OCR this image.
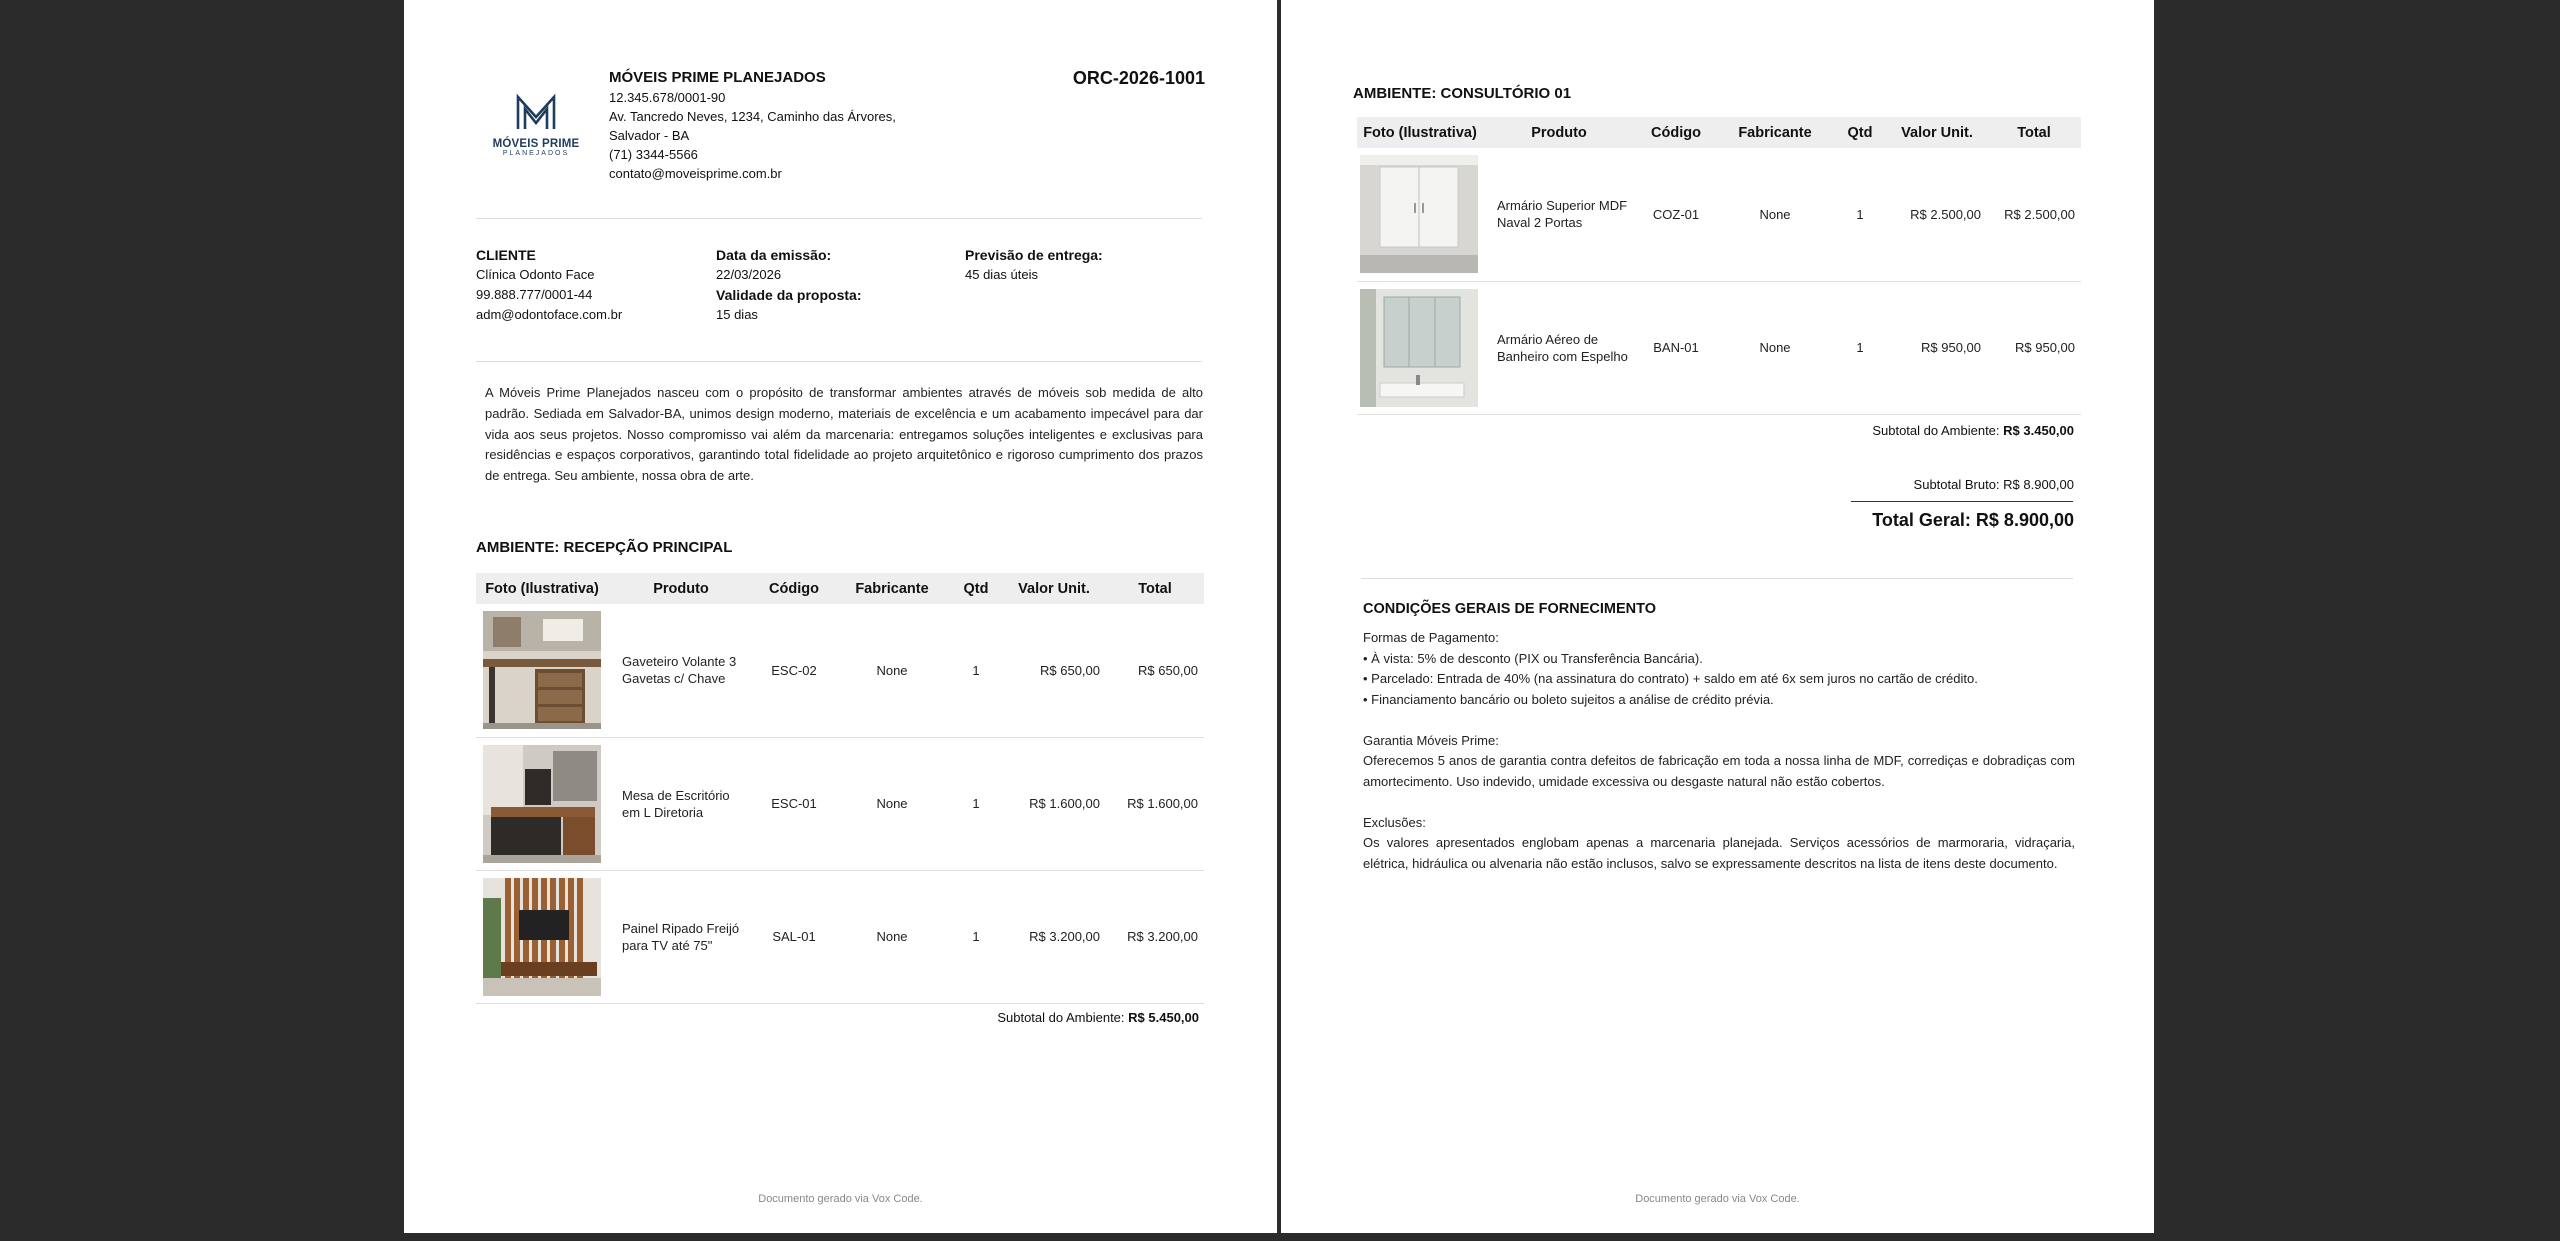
MÓVEIS PRIME
PLANEJADOS
MÓVEIS PRIME PLANEJADOS
12.345.678/0001-90
Av. Tancredo Neves, 1234, Caminho das Árvores,
Salvador - BA
(71) 3344-5566
contato@moveisprime.com.br
ORC-2026-1001
CLIENTE
Clínica Odonto Face
99.888.777/0001-44
adm@odontoface.com.br
Data da emissão:
22/03/2026
Validade da proposta:
15 dias
Previsão de entrega:
45 dias úteis
A Móveis Prime Planejados nasceu com o propósito de transformar ambientes através de móveis sob medida de alto padrão. Sediada em Salvador-BA, unimos design moderno, materiais de excelência e um acabamento impecável para dar vida aos seus projetos. Nosso compromisso vai além da marcenaria: entregamos soluções inteligentes e exclusivas para residências e espaços corporativos, garantindo total fidelidade ao projeto arquitetônico e rigoroso cumprimento dos prazos de entrega. Seu ambiente, nossa obra de arte.
AMBIENTE: RECEPÇÃO PRINCIPAL
Foto (Ilustrativa)	Produto	Código	Fabricante	Qtd	Valor Unit.	Total

	Gaveteiro Volante 3 Gavetas c/ Chave	ESC-02	None	1	R$ 650,00	R$ 650,00

	Mesa de Escritório em L Diretoria	ESC-01	None	1	R$ 1.600,00	R$ 1.600,00

	Painel Ripado Freijó para TV até 75"	SAL-01	None	1	R$ 3.200,00	R$ 3.200,00
Subtotal do Ambiente: R$ 5.450,00
Documento gerado via Vox Code.
AMBIENTE: CONSULTÓRIO 01
Foto (Ilustrativa)	Produto	Código	Fabricante	Qtd	Valor Unit.	Total

	Armário Superior MDF Naval 2 Portas	COZ-01	None	1	R$ 2.500,00	R$ 2.500,00

	Armário Aéreo de Banheiro com Espelho	BAN-01	None	1	R$ 950,00	R$ 950,00
Subtotal do Ambiente: R$ 3.450,00
Subtotal Bruto: R$ 8.900,00
Total Geral: R$ 8.900,00
CONDIÇÕES GERAIS DE FORNECIMENTO

Formas de Pagamento:

• À vista: 5% de desconto (PIX ou Transferência Bancária).

• Parcelado: Entrada de 40% (na assinatura do contrato) + saldo em até 6x sem juros no cartão de crédito.

• Financiamento bancário ou boleto sujeitos a análise de crédito prévia.

Garantia Móveis Prime:

Oferecemos 5 anos de garantia contra defeitos de fabricação em toda a nossa linha de MDF, corrediças e dobradiças com amortecimento. Uso indevido, umidade excessiva ou desgaste natural não estão cobertos.

Exclusões:

Os valores apresentados englobam apenas a marcenaria planejada. Serviços acessórios de marmoraria, vidraçaria, elétrica, hidráulica ou alvenaria não estão inclusos, salvo se expressamente descritos na lista de itens deste documento.

Documento gerado via Vox Code.
